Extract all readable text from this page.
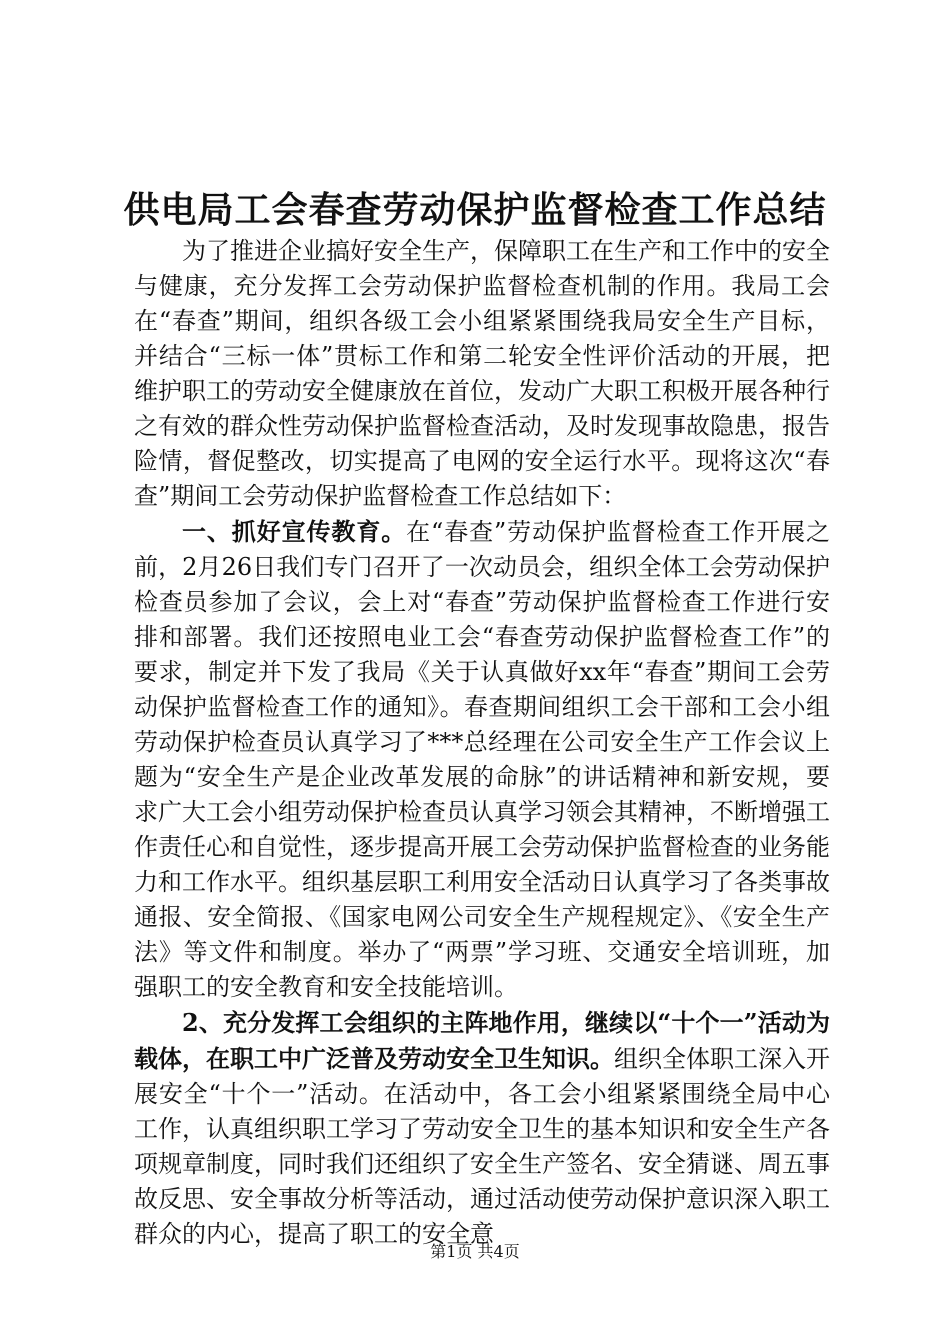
供电局工会春查劳动保护监督检查工作总结

为了推进企业搞好安全生产，保障职工在生产和工作中的安全与健康，充分发挥工会劳动保护监督检查机制的作用。我局工会在“春查”期间，组织各级工会小组紧紧围绕我局安全生产目标，并结合“三标一体”贯标工作和第二轮安全性评价活动的开展，把维护职工的劳动安全健康放在首位，发动广大职工积极开展各种行之有效的群众性劳动保护监督检查活动，及时发现事故隐患，报告险情，督促整改，切实提高了电网的安全运行水平。现将这次“春查”期间工会劳动保护监督检查工作总结如下：

一、抓好宣传教育。在“春查”劳动保护监督检查工作开展之前，2月26日我们专门召开了一次动员会，组织全体工会劳动保护检查员参加了会议，会上对“春查”劳动保护监督检查工作进行安排和部署。我们还按照电业工会“春查劳动保护监督检查工作”的要求，制定并下发了我局《关于认真做好xx年“春查”期间工会劳动保护监督检查工作的通知》。春查期间组织工会干部和工会小组劳动保护检查员认真学习了***总经理在公司安全生产工作会议上题为“安全生产是企业改革发展的命脉”的讲话精神和新安规，要求广大工会小组劳动保护检查员认真学习领会其精神，不断增强工作责任心和自觉性，逐步提高开展工会劳动保护监督检查的业务能力和工作水平。组织基层职工利用安全活动日认真学习了各类事故通报、安全简报、《国家电网公司安全生产规程规定》、《安全生产法》等文件和制度。举办了“两票”学习班、交通安全培训班，加强职工的安全教育和安全技能培训。

2、充分发挥工会组织的主阵地作用，继续以“十个一”活动为载体，在职工中广泛普及劳动安全卫生知识。组织全体职工深入开展安全“十个一”活动。在活动中，各工会小组紧紧围绕全局中心工作，认真组织职工学习了劳动安全卫生的基本知识和安全生产各项规章制度，同时我们还组织了安全生产签名、安全猜谜、周五事故反思、安全事故分析等活动，通过活动使劳动保护意识深入职工群众的内心，提高了职工的安全意

第1页 共4页
